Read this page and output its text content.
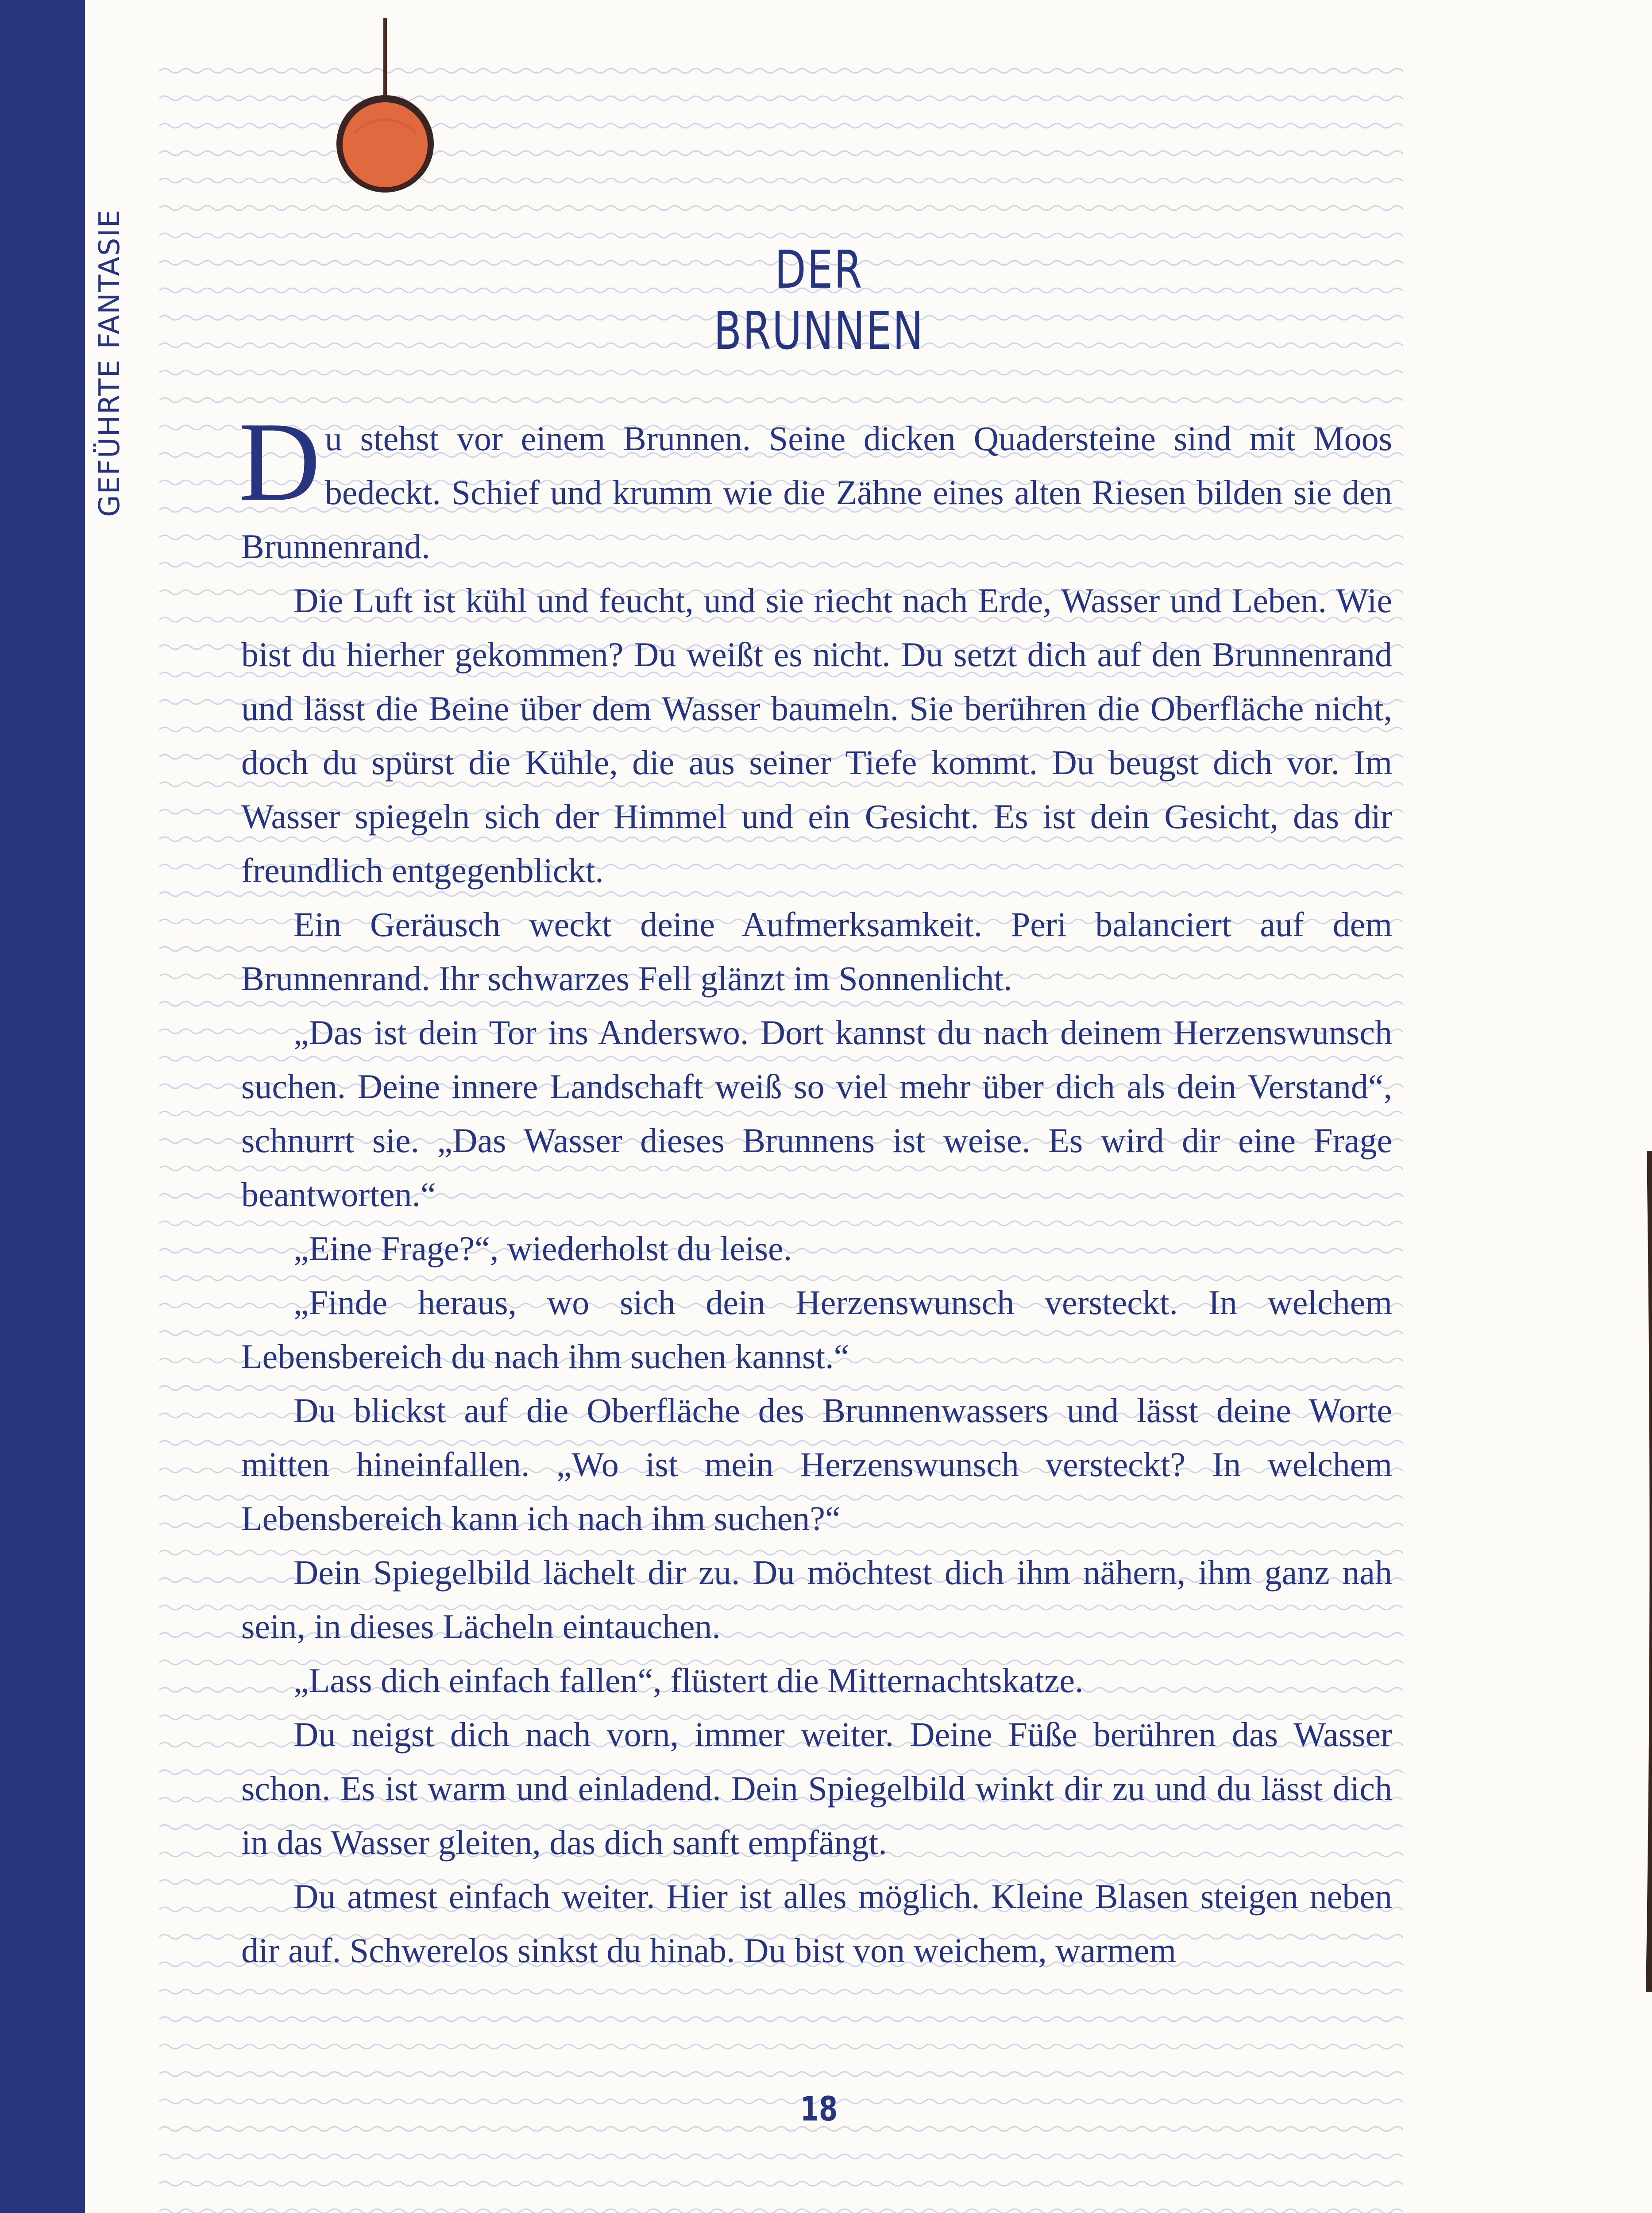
GEFÜHRTE FANTASIE	DER BRUNNEN

Du stehst vor einem Brunnen. Seine dicken Quadersteine sind mit Moos bedeckt. Schief und krumm wie die Zähne eines alten Riesen bilden sie den Brunnenrand.

Die Luft ist kühl und feucht, und sie riecht nach Erde, Wasser und Leben. Wie bist du hierher gekommen? Du weißt es nicht. Du setzt dich auf den Brunnenrand und lässt die Beine über dem Wasser baumeln. Sie berühren die Oberfläche nicht, doch du spürst die Kühle, die aus seiner Tiefe kommt. Du beugst dich vor. Im Wasser spiegeln sich der Himmel und ein Gesicht. Es ist dein Gesicht, das dir freundlich entgegenblickt.

Ein Geräusch weckt deine Aufmerksamkeit. Peri balanciert auf dem Brunnenrand. Ihr schwarzes Fell glänzt im Sonnenlicht.

„Das ist dein Tor ins Anderswo. Dort kannst du nach deinem Herzenswunsch suchen. Deine innere Landschaft weiß so viel mehr über dich als dein Verstand“, schnurrt sie. „Das Wasser dieses Brunnens ist weise. Es wird dir eine Frage beantworten.“

„Eine Frage?“, wiederholst du leise.

„Finde heraus, wo sich dein Herzenswunsch versteckt. In welchem Lebensbereich du nach ihm suchen kannst.“

Du blickst auf die Oberfläche des Brunnenwassers und lässt deine Worte mitten hineinfallen. „Wo ist mein Herzenswunsch versteckt? In welchem Lebensbereich kann ich nach ihm suchen?“

Dein Spiegelbild lächelt dir zu. Du möchtest dich ihm nähern, ihm ganz nah sein, in dieses Lächeln eintauchen.

„Lass dich einfach fallen“, flüstert die Mitternachtskatze.

Du neigst dich nach vorn, immer weiter. Deine Füße berühren das Wasser schon. Es ist warm und einladend. Dein Spiegelbild winkt dir zu und du lässt dich in das Wasser gleiten, das dich sanft empfängt.

Du atmest einfach weiter. Hier ist alles möglich. Kleine Blasen steigen neben dir auf. Schwerelos sinkst du hinab. Du bist von weichem, warmem

18
